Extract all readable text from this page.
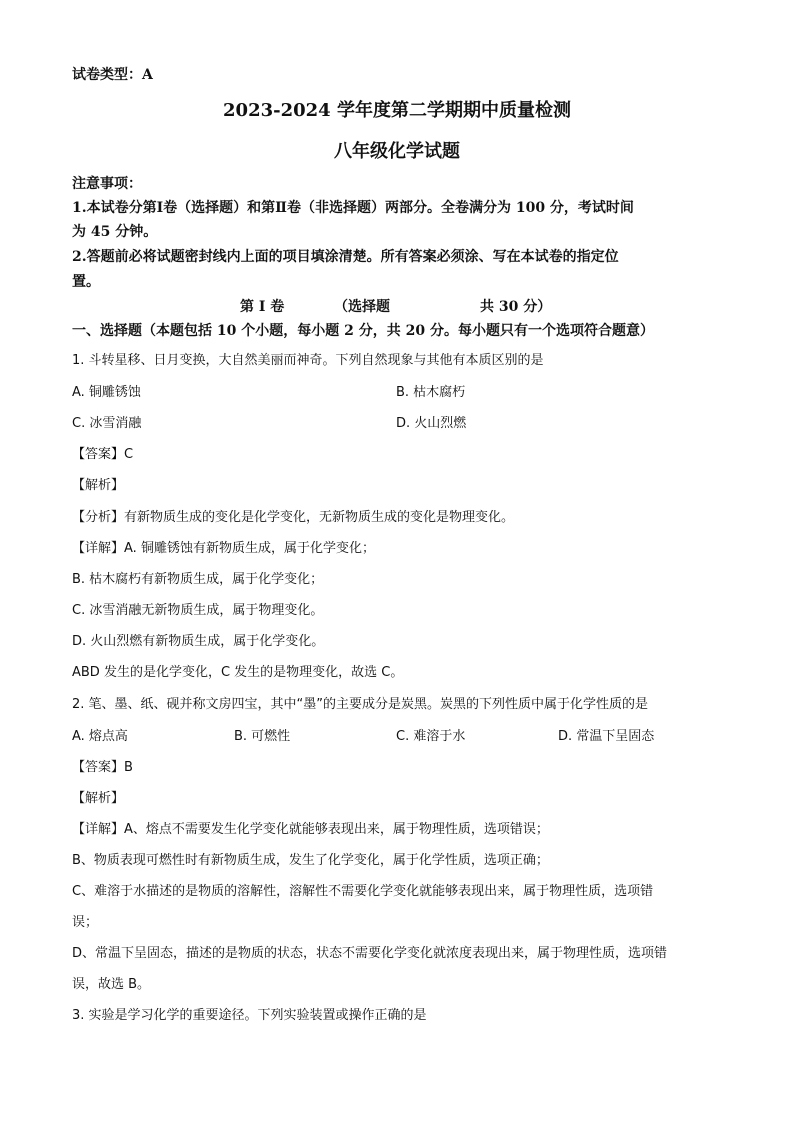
试卷类型：A
2023-2024 学年度第二学期期中质量检测
八年级化学试题
注意事项：
1.本试卷分第Ⅰ卷（选择题）和第Ⅱ卷（非选择题）两部分。全卷满分为 100 分，考试时间
为 45 分钟。
2.答题前必将试题密封线内上面的项目填涂清楚。所有答案必须涂、写在本试卷的指定位
置。
第 I 卷	（选择题	共 30 分）
一、选择题（本题包括 10 个小题，每小题 2 分，共 20 分。每小题只有一个选项符合题意）
1. 斗转星移、日月变换，大自然美丽而神奇。下列自然现象与其他有本质区别的是
A. 铜雕锈蚀	B. 枯木腐朽
C. 冰雪消融	D. 火山烈燃
【答案】C
【解析】
【分析】有新物质生成的变化是化学变化，无新物质生成的变化是物理变化。
【详解】A. 铜雕锈蚀有新物质生成，属于化学变化；
B. 枯木腐朽有新物质生成，属于化学变化；
C. 冰雪消融无新物质生成，属于物理变化。
D. 火山烈燃有新物质生成，属于化学变化。
ABD 发生的是化学变化，C 发生的是物理变化，故选 C。
2. 笔、墨、纸、砚并称文房四宝，其中“墨”的主要成分是炭黑。炭黑的下列性质中属于化学性质的是
A. 熔点高	B. 可燃性	C. 难溶于水	D. 常温下呈固态
【答案】B
【解析】
【详解】A、熔点不需要发生化学变化就能够表现出来，属于物理性质，选项错误；
B、物质表现可燃性时有新物质生成，发生了化学变化，属于化学性质，选项正确；
C、难溶于水描述的是物质的溶解性，溶解性不需要化学变化就能够表现出来，属于物理性质，选项错
误；
D、常温下呈固态，描述的是物质的状态，状态不需要化学变化就浓度表现出来，属于物理性质，选项错
误，故选 B。
3. 实验是学习化学的重要途径。下列实验装置或操作正确的是
